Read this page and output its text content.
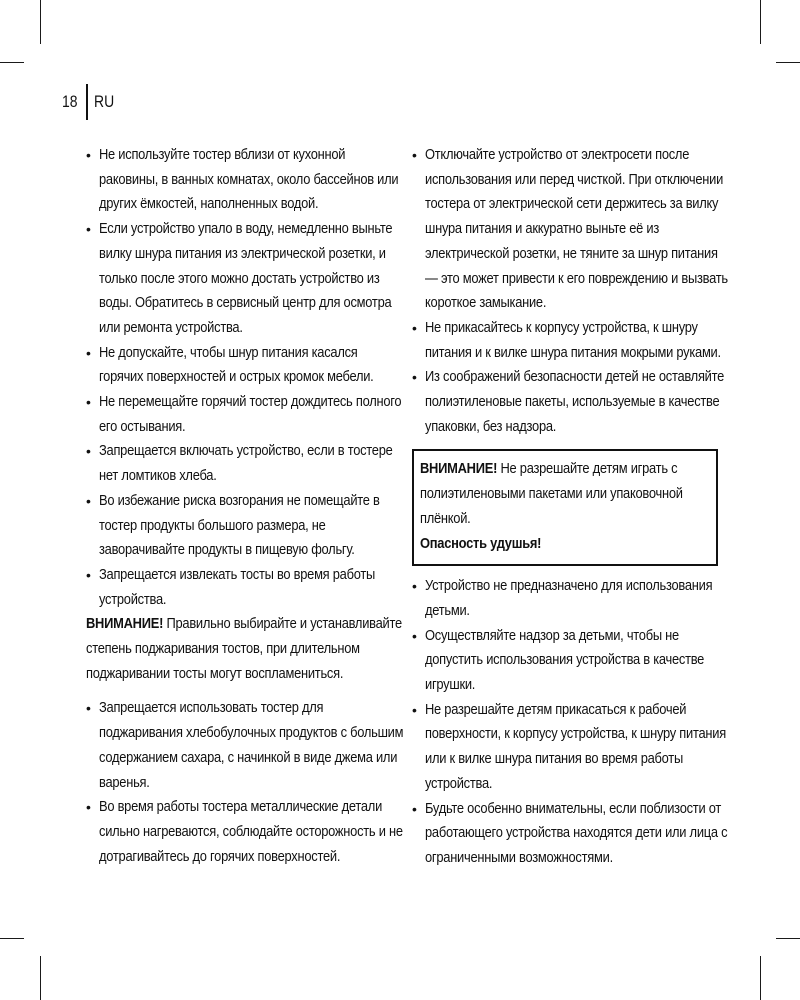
18 RU
• Не используйте тостер вблизи от кухонной раковины, в ванных комнатах, около бассейнов или других ёмкостей, наполненных водой.
• Если устройство упало в воду, немедленно выньте вилку шнура питания из электрической розетки, и только после этого можно достать устройство из воды. Обратитесь в сервисный центр для осмотра или ремонта устройства.
• Не допускайте, чтобы шнур питания касался горячих поверхностей и острых кромок мебели.
• Не перемещайте горячий тостер дождитесь полного его остывания.
• Запрещается включать устройство, если в тостере нет ломтиков хлеба.
• Во избежание риска возгорания не помещайте в тостер продукты большого размера, не заворачивайте продукты в пищевую фольгу.
• Запрещается извлекать тосты во время работы устройства.

ВНИМАНИЕ! Правильно выбирайте и устанавливайте степень поджаривания тостов, при длительном поджаривании тосты могут воспламениться.

• Запрещается использовать тостер для поджаривания хлебобулочных продуктов с большим содержанием сахара, с начинкой в виде джема или варенья.
• Во время работы тостера металлические детали сильно нагреваются, соблюдайте осторожность и не дотрагивайтесь до горячих поверхностей.
• Отключайте устройство от электросети после использования или перед чисткой. При отключении тостера от электрической сети держитесь за вилку шнура питания и аккуратно выньте её из электрической розетки, не тяните за шнур питания — это может привести к его повреждению и вызвать короткое замыкание.
• Не прикасайтесь к корпусу устройства, к шнуру питания и к вилке шнура питания мокрыми руками.
• Из соображений безопасности детей не оставляйте полиэтиленовые пакеты, используемые в качестве упаковки, без надзора.
ВНИМАНИЕ! Не разрешайте детям играть с полиэтиленовыми пакетами или упаковочной плёнкой.
Опасность удушья!
• Устройство не предназначено для использования детьми.
• Осуществляйте надзор за детьми, чтобы не допустить использования устройства в качестве игрушки.
• Не разрешайте детям прикасаться к рабочей поверхности, к корпусу устройства, к шнуру питания или к вилке шнура питания во время работы устройства.
• Будьте особенно внимательны, если поблизости от работающего устройства находятся дети или лица с ограниченными возможностями.
